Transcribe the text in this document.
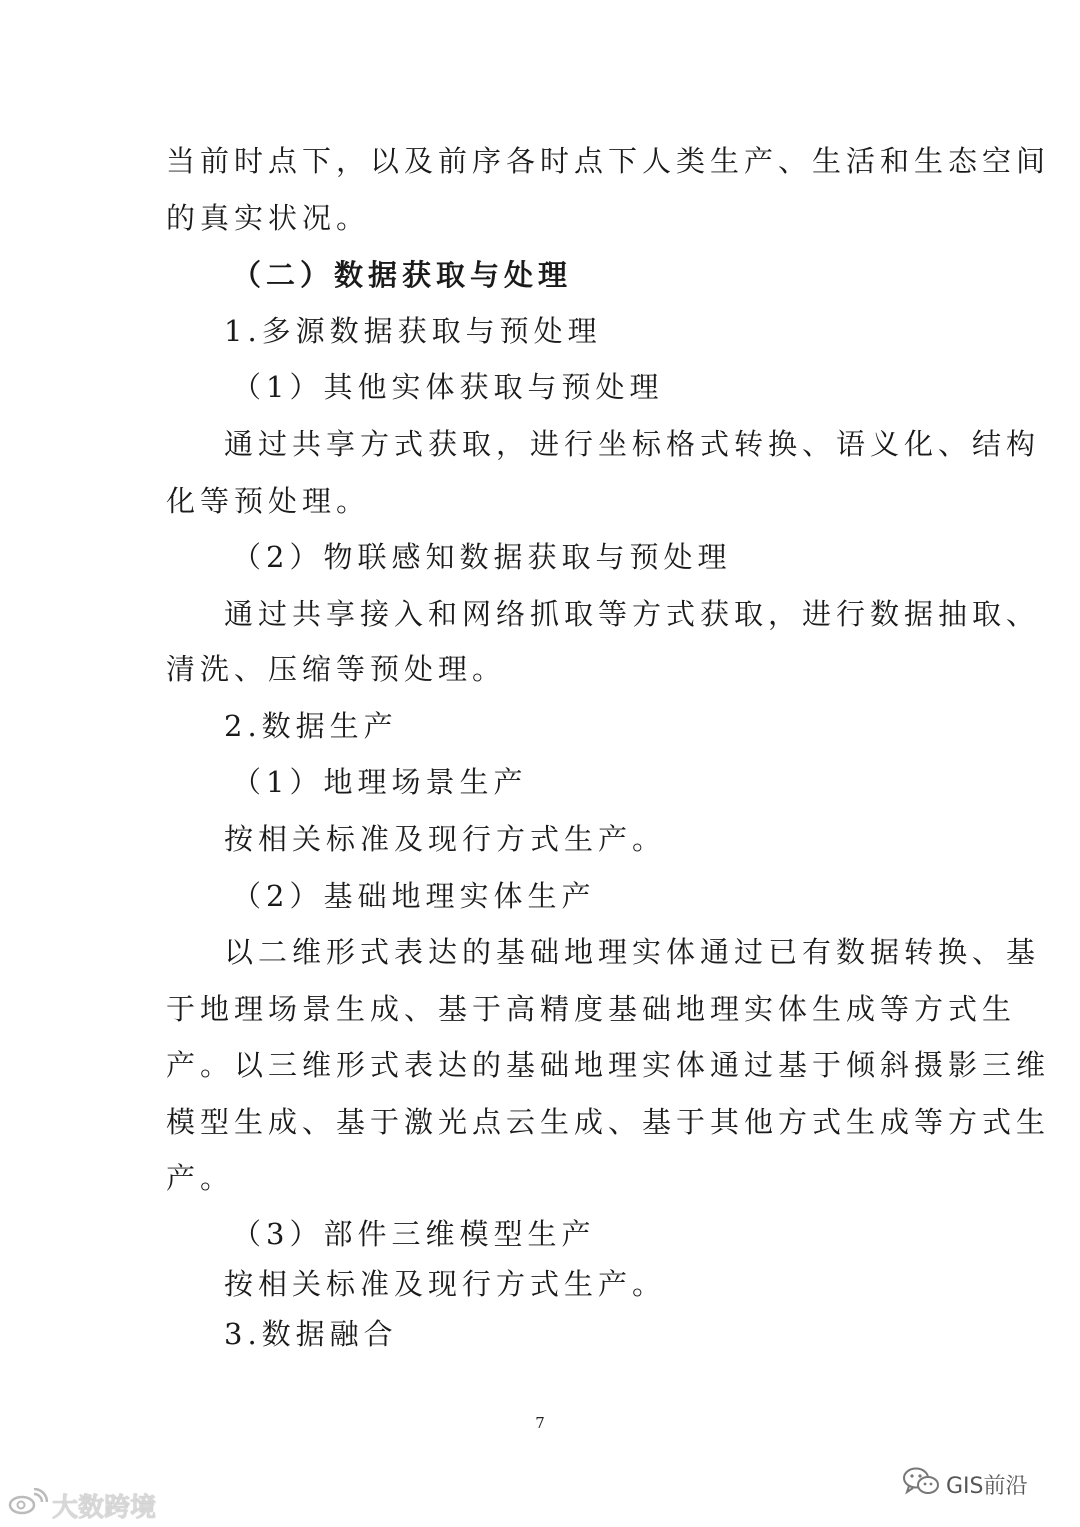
当前时点下，以及前序各时点下人类生产、生活和生态空间
的真实状况。
（二）数据获取与处理
1.多源数据获取与预处理
（1）其他实体获取与预处理
通过共享方式获取，进行坐标格式转换、语义化、结构
化等预处理。
（2）物联感知数据获取与预处理
通过共享接入和网络抓取等方式获取，进行数据抽取、
清洗、压缩等预处理。
2.数据生产
（1）地理场景生产
按相关标准及现行方式生产。
（2）基础地理实体生产
以二维形式表达的基础地理实体通过已有数据转换、基
于地理场景生成、基于高精度基础地理实体生成等方式生
产。以三维形式表达的基础地理实体通过基于倾斜摄影三维
模型生成、基于激光点云生成、基于其他方式生成等方式生
产。
（3）部件三维模型生产
按相关标准及现行方式生产。
3.数据融合
7
大数跨境
GIS前沿
